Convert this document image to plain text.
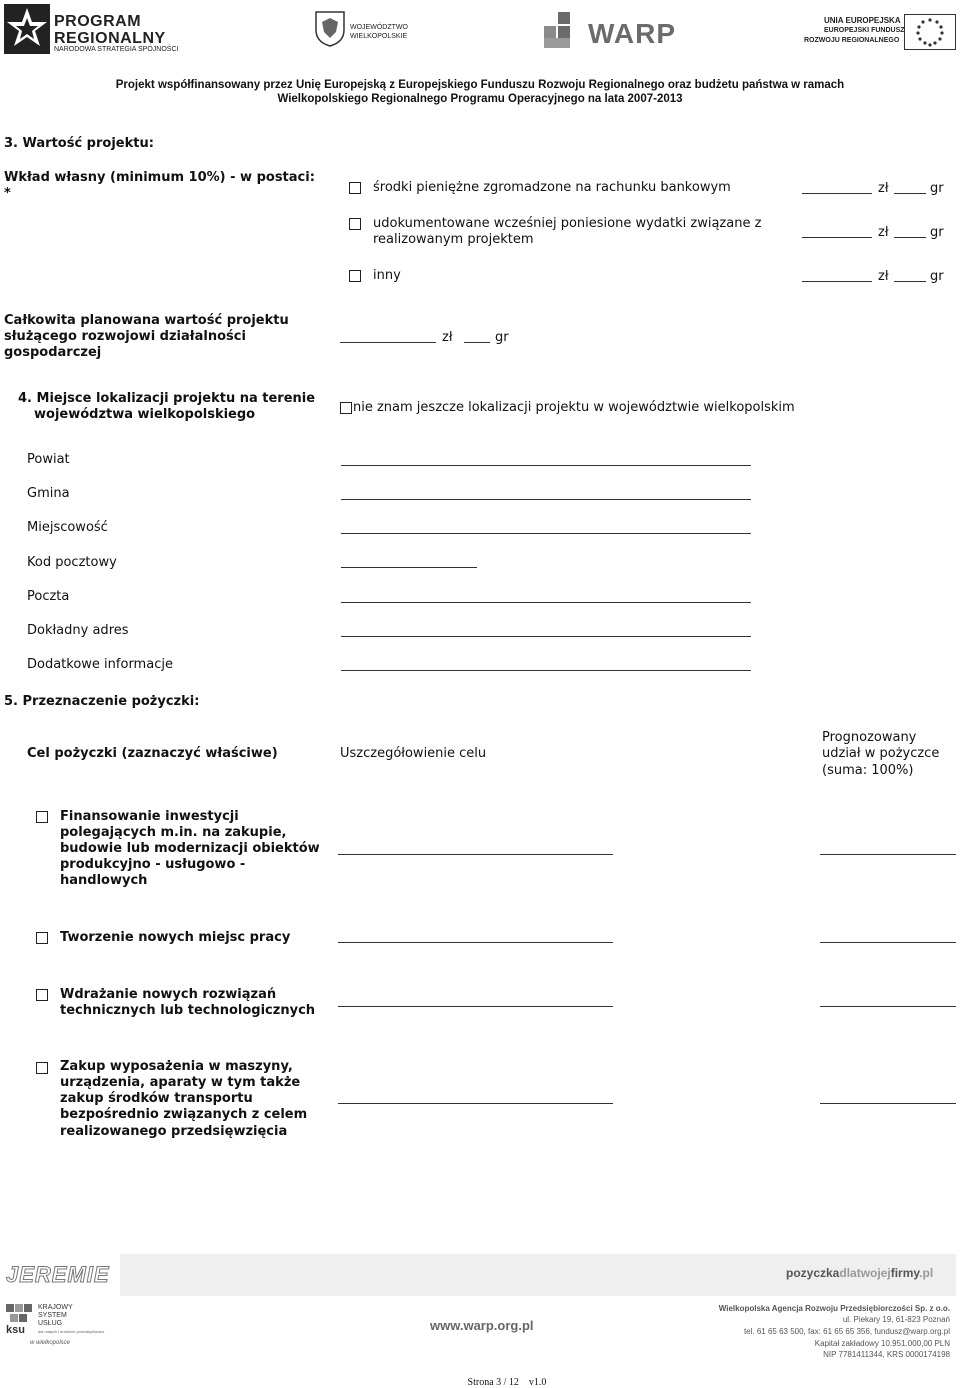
PROGRAM
REGIONALNY
NARODOWA STRATEGIA SPÓJNOŚCI
WOJEWÓDZTWO
WIELKOPOLSKIE	WARP	UNIA EUROPEJSKA
EUROPEJSKI FUNDUSZ
ROZWOJU REGIONALNEGO
Projekt współfinansowany przez Unię Europejską z Europejskiego Funduszu Rozwoju Regionalnego oraz budżetu państwa w ramach
Wielkopolskiego Regionalnego Programu Operacyjnego na lata 2007-2013
3. Wartość projektu:
Wkład własny (minimum 10%) - w postaci:
*	środki pieniężne zgromadzone na rachunku bankowym	zł	gr
udokumentowane wcześniej poniesione wydatki związane z
realizowanym projektem	zł	gr
inny	zł	gr
Całkowita planowana wartość projektu
służącego rozwojowi działalności
gospodarczej
zł	gr
4. Miejsce lokalizacji projektu na terenie
województwa wielkopolskiego	nie znam jeszcze lokalizacji projektu w województwie wielkopolskim
Powiat
Gmina
Miejscowość
Kod pocztowy
Poczta
Dokładny adres
Dodatkowe informacje
5. Przeznaczenie pożyczki:
Cel pożyczki (zaznaczyć właściwe)	Uszczegółowienie celu
Prognozowany
udział w pożyczce
(suma: 100%)
Finansowanie inwestycji
polegających m.in. na zakupie,
budowie lub modernizacji obiektów
produkcyjno - usługowo -
handlowych
Tworzenie nowych miejsc pracy
Wdrażanie nowych rozwiązań
technicznych lub technologicznych
Zakup wyposażenia w maszyny,
urządzenia, aparaty w tym także
zakup środków transportu
bezpośrednio związanych z celem
realizowanego przedsięwzięcia
JEREMIE	pozyczkadlatwojejfirmy.pl
ksu
KRAJOWY
SYSTEM
USŁUG
dla małych i średnich przedsiębiorstw
w wielkopolsce
www.warp.org.pl
Wielkopolska Agencja Rozwoju Przedsiębiorczości Sp. z o.o.
ul. Piekary 19, 61-823 Poznań
tel. 61 65 63 500, fax: 61 65 65 356, fundusz@warp.org.pl
Kapitał zakładowy 10.951.000,00 PLN
NIP 7781411344, KRS 0000174198
Strona 3 / 12    v1.0
